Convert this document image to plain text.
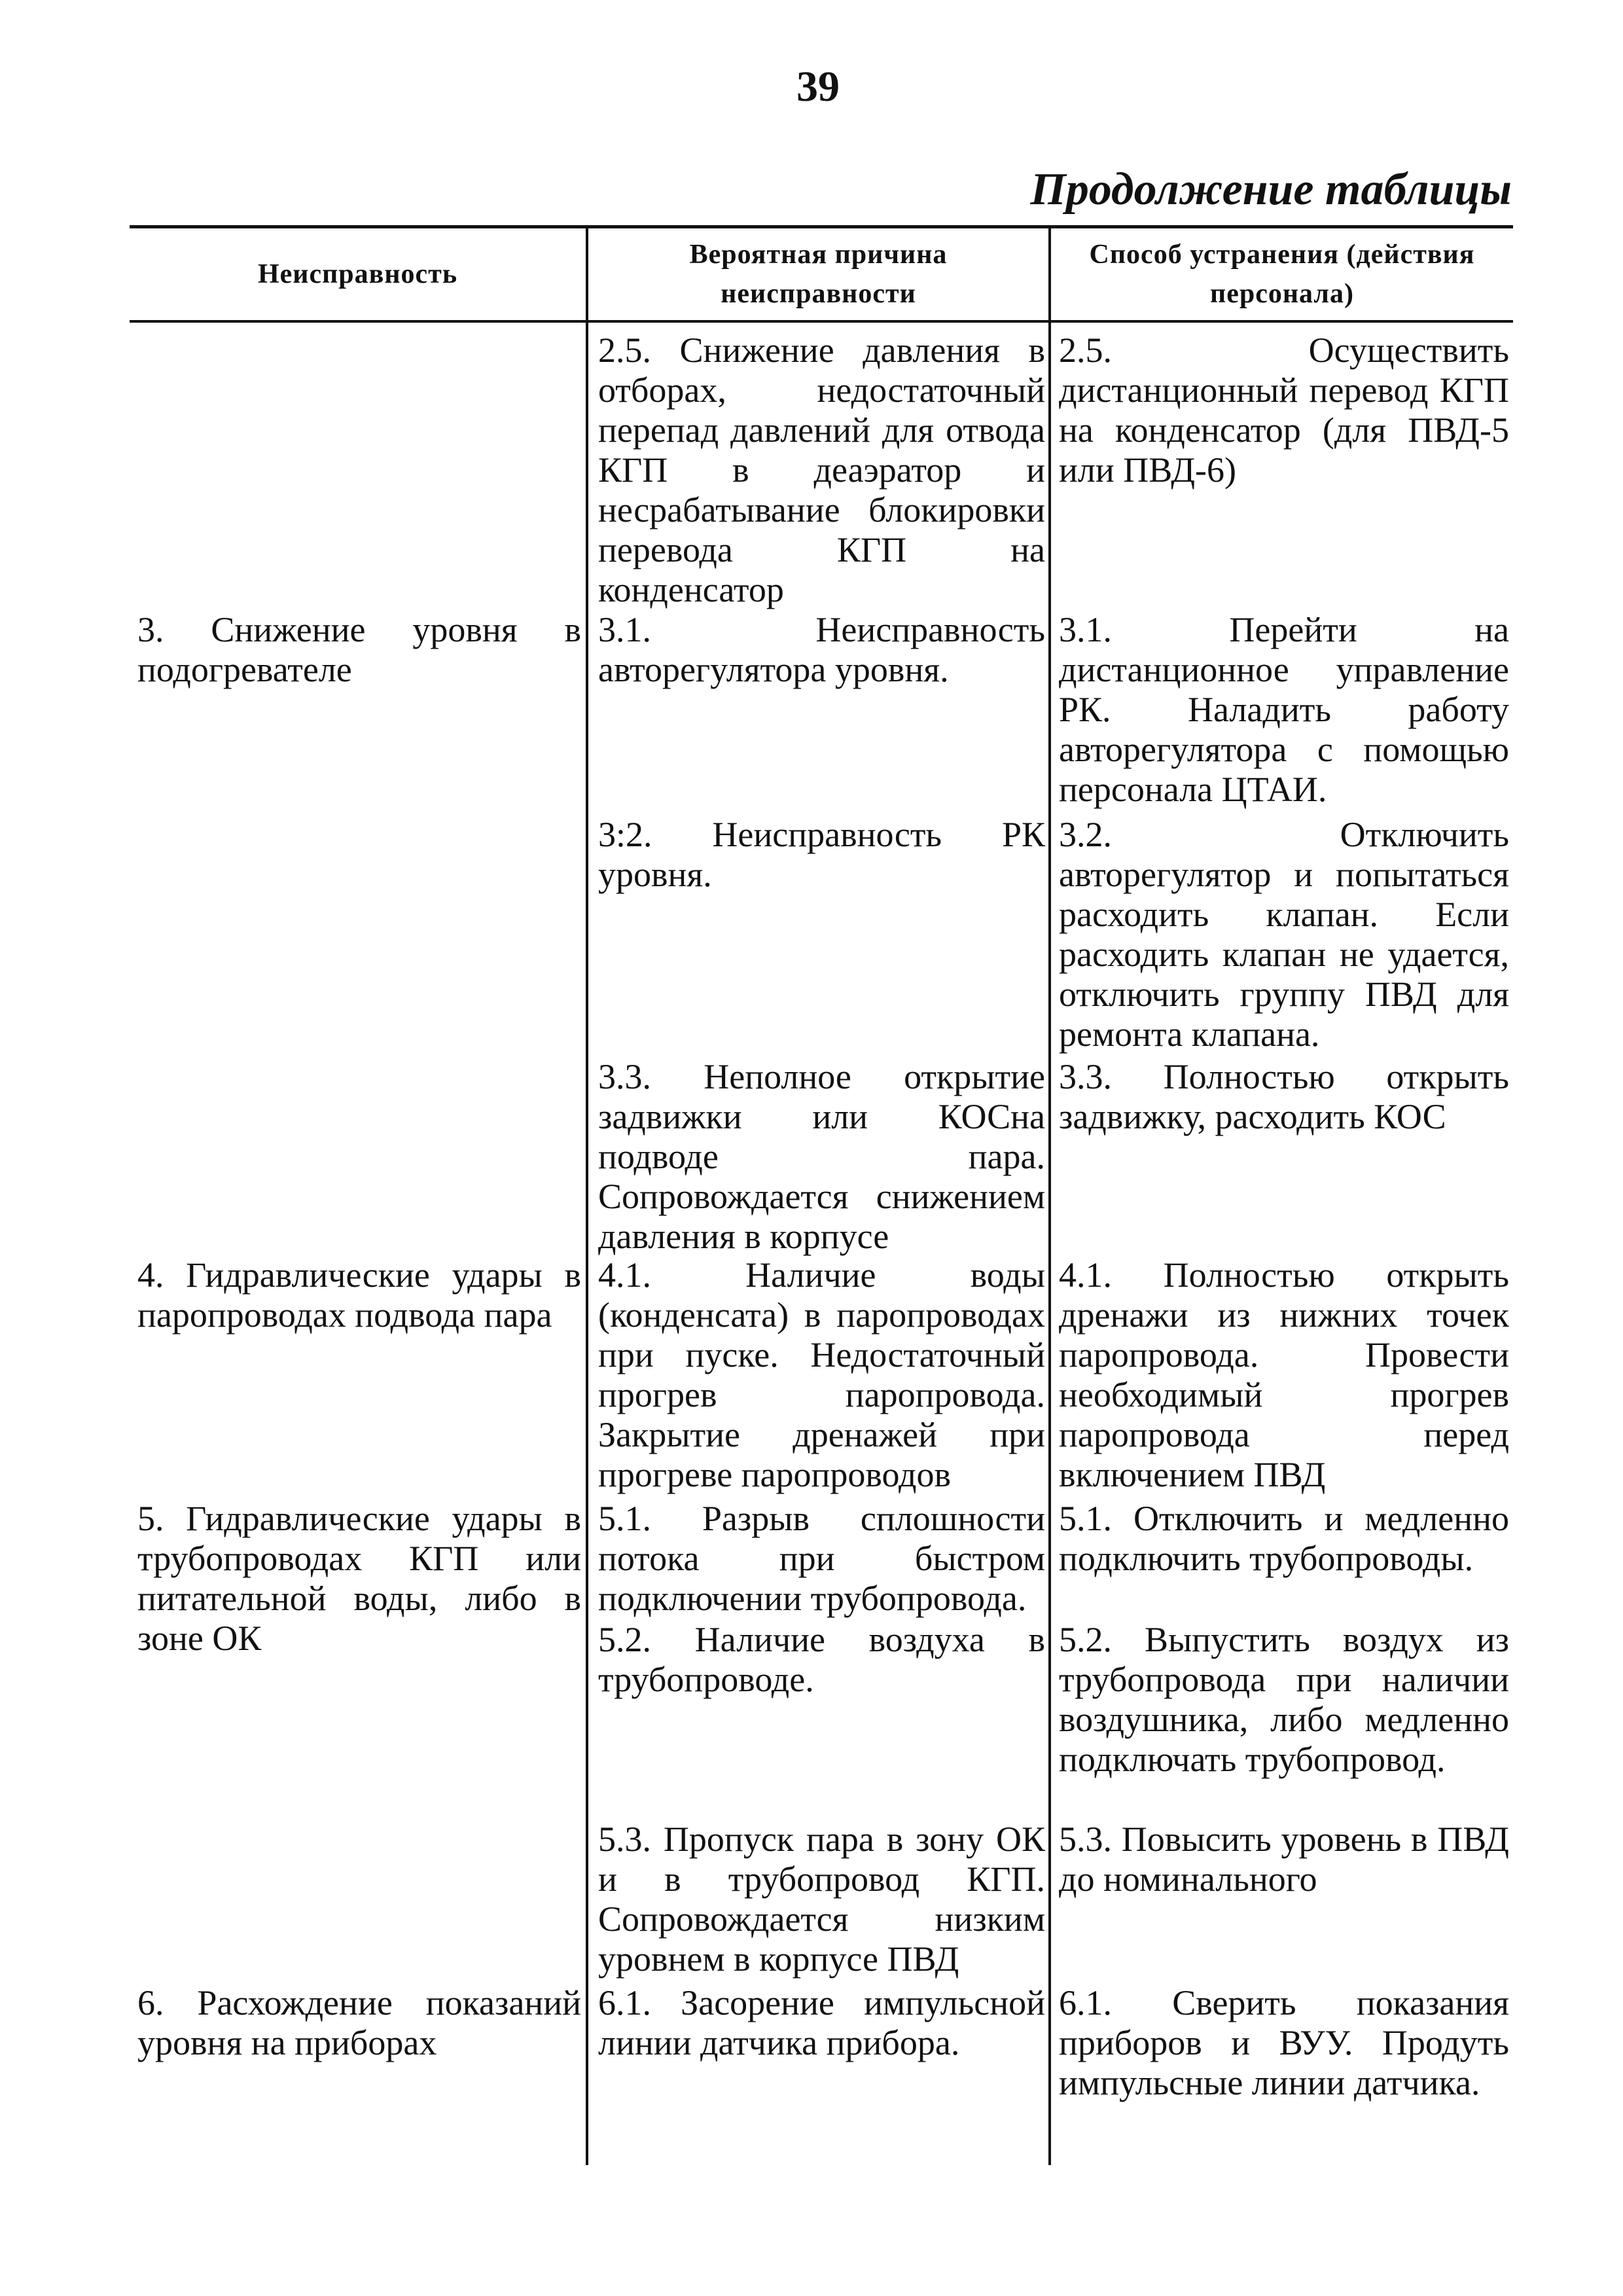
39
Продолжение таблицы
Неисправность
Вероятная причина неисправности
Способ устранения (действия персонала)

2.5. Снижение давления в отборах, недостаточный перепад давлений для отвода КГП в деаэратор и несрабатывание блокировки перевода КГП на конденсатор

2.5. Осуществить дистанционный перевод КГП на конденсатор (для ПВД-5 или ПВД-6)

3. Снижение уровня в подогревателе

3.1. Неисправность авторегулятора уровня.

3.1. Перейти на дистанционное управление РК. Наладить работу авторегулятора с помощью персонала ЦТАИ.

3:2. Неисправность РК уровня.

3.2. Отключить авторегулятор и попытаться расходить клапан. Если расходить клапан не удается, отключить группу ПВД для ремонта клапана.

3.3. Неполное открытие задвижки или КОСна подводе пара. Сопровождается снижением давления в корпусе

3.3. Полностью открыть задвижку, расходить КОС

4. Гидравлические удары в паропроводах подвода пара

4.1. Наличие воды (конденсата) в паропроводах при пуске. Недостаточный прогрев паропровода. Закрытие дренажей при прогреве паропроводов

4.1. Полностью открыть дренажи из нижних точек паропровода. Провести необходимый прогрев паропровода перед включением ПВД

5. Гидравлические удары в трубопроводах КГП или питательной воды, либо в зоне ОК

5.1. Разрыв сплошности потока при быстром подключении трубопровода.

5.1. Отключить и медленно подключить трубопроводы.

5.2. Наличие воздуха в трубопроводе.

5.2. Выпустить воздух из трубопровода при наличии воздушника, либо медленно подключать трубопровод.

5.3. Пропуск пара в зону ОК и в трубопровод КГП. Сопровождается низким уровнем в корпусе ПВД

5.3. Повысить уровень в ПВД до номинального

6. Расхождение показаний уровня на приборах

6.1. Засорение импульсной линии датчика прибора.

6.1. Сверить показания приборов и ВУУ. Продуть импульсные линии датчика.
